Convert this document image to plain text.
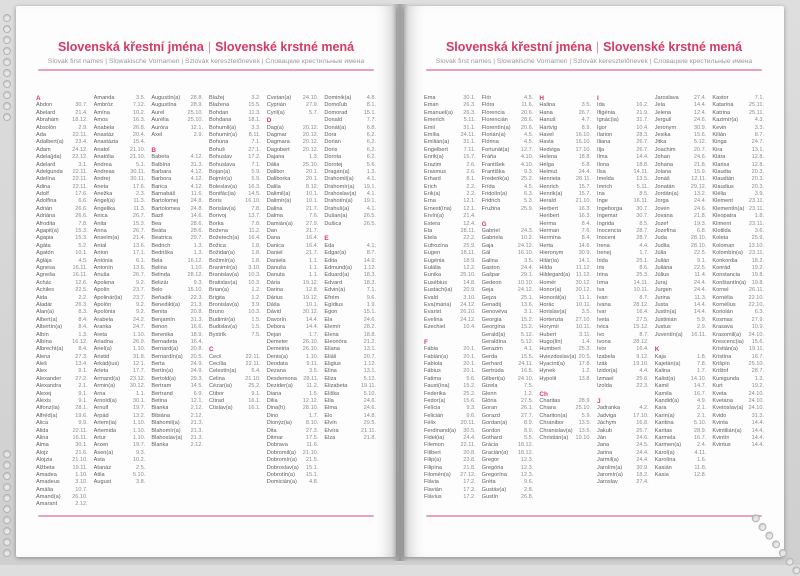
Slovenská křestní jména | Slovenské krstné mená
Slovak first names | Slowakische Vornamen | Szlovák keresztelőnevek | Словацкие крестильные имена
A
Abdon	30.7.
Abelard	21.4.
Abrahám	18.12.
Absolón	2.9.
Ada	22.11.
Adalbert(a)	23.4.
Adam	24.12.
Adela(jda)	22.12.
Adelard	3.1.
Adelgunda	22.11.
Adelína	22.11.
Adina	22.11.
Adolf	17.6.
Adolfína	6.6.
Adrián	26.6.
Adriána	26.6.
Afrodita	7.8.
Agapit(a)	15.3.
Agapia	15.3.
Agáta	5.2.
Agatón	10.1.
Aglája	4.5.
Agnesa	16.11.
Agneša	16.11.
Achác	12.6.
Achiles	22.5.
Aida	2.2.
Aladár	26.3.
Alan(a)	8.3.
Albert(a)	8.4.
Albertín(a)	8.4.
Albín	1.3.
Albína	16.12.
Albrecht(a)	8.4.
Alena	27.3.
Aleš	13.4.
Alex	9.1.
Alexander	27.2.
Alexandra	2.1.
Alexej	9.1.
Alexis	9.1.
Alfonz(ia)	28.1.
Alfréd(a)	19.6.
Alica	9.9.
Alida	22.11.
Alina	16.11.
Alma	30.1.
Alojz	21.6.
Alojzia	21.10.
Alžbeta	19.11.
Amadea	1.10.
Amadeus	3.10.
Amália	10.7.
Amand(a)	26.10.
Amarant	2.12.
Amanda	3.5.
Ambróz	7.12.
Amína	10.2.
Amos	16.3.
Anabela	26.8.
Anastáz	20.4.
Anastázia	15.4.
Anatol	21.10.
Anatólia	21.10.
Andrea	5.1.
Andreas	30.11.
Andrej	30.11.
Aneta	17.6.
Anežka	2.3.
Angel(a)	11.3.
Angelika	11.3.
Anica	26.7.
Anita	15.3.
Anna	26.7.
Anselm(a)	21.4.
Antal	13.6.
Anton	17.1.
Antónia	6.1.
Antonín	13.6.
Anuša	26.7.
Apolena	9.2.
Apolín	23.7.
Apolinár(ia)	23.7.
Apolón	9.2.
Apolónia	9.2.
Arabela	24.2.
Aranka	24.7.
Areta	1.10.
Ariadna	26.9.
Ariel(a)	1.10.
Aristid	31.8.
Arkád(ius)	12.1.
Arleta	17.7.
Armand(a)	23.12.
Armin(a)	30.12.
Arna	1.1.
Arnold(a)	30.1.
Arnulf	19.7.
Arpád	13.2.
Artem(ia)	1.10.
Artemida	1.10.
Artur	1.10.
Arzen	19.7.
Asen(a)	9.3.
Asta	10.2.
Atanáz	2.5.
Atila	5.10.
August	3.8.
Augustín(a)	28.8.
Augustína	28.9.
Aurel	25.10.
Aurélia	25.10.
Auróra	12.1.
Axel	2.9.
B
Babeta	4.12.
Balbína	31.3.
Barbara	4.12.
Barbora	4.12.
Barica	4.12.
Barnabáš	11.6.
Bartolomej	24.8.
Bartolomea	24.8.
Bazil	14.6.
Bea	28.6.
Beáta	28.6.
Beatrica	29.7.
Bedrich	1.3.
Bedriška	1.3.
Bela	16.12.
Belina	1.10.
Belinda	28.12.
Belizár	9.3.
Belo	15.10.
Beňadik	22.3.
Benedikt(a)	21.3.
Benita	20.8.
Benjamín	31.3.
Benon	16.6.
Berenika	18.9.
Bernadeta	16.4.
Bernard(a)	20.8.
Bernardín(a)	20.5.
Berta	24.9.
Bertín(a)	24.9.
Bertold(a)	29.3.
Bertram	14.5.
Bertrand	6.9.
Betina	12.1.
Bianka	2.12.
Bibiána	2.12.
Blahomil(a)	21.3.
Blahomír(a)	21.3.
Blahoslav(a)	21.3.
Blanka	2.12.
Blažej	3.2.
Blažena	15.5.
Bohdan	11.3.
Bohdana	18.1.
Bohumil(a)	3.3.
Bohumír(a)	8.11.
Bohuna	7.1.
Bohuš	27.1.
Bohuslav	17.2.
Bohuslava	7.1.
Bojan(a)	5.9.
Bojmír(a)	5.9.
Boleslav(a)	16.3.
Bonifác(ia)	14.5.
Boris	16.10.
Borislav(a)	7.8.
Borivoj	13.7.
Borka	7.8.
Božena	11.2.
Božetech(a)	16.4.
Božica	1.8.
Božidar(a)	1.8.
Božimír(a)	1.8.
Branimír(a)	3.10.
Branislav(a)	10.3.
Bratislav(a)	10.3.
Brian(a)	1.2.
Brigita	1.2.
Bronislav(a)	3.9.
Bruno	10.3.
Budimír(a)	1.5.
Budislav(a)	1.5.
Bystrík	7.5.
C
Cecil	22.11.
Cecília	22.11.
Celestín(a)	6.4.
Celina	21.10.
Cézar(ia)	25.2.
Ctibor	9.1.
Ctirad	16.1.
Ctislav(a)	16.1.
Cvetan(a)	24.10.
Cyprián	27.9.
Cyril(a)	5.7.
D
Dag(a)	20.12.
Dagmar	20.12.
Dagmara	20.12.
Dagobert	20.12.
Dajana	1.3.
Dália	25.10.
Dalibor	20.1.
Daliborka	20.1.
Dalila	8.12.
Dalimil(a)	10.1.
Dalimír(a)	10.1.
Dalina	21.7.
Dalma	7.6.
Damián(a)	27.9.
Dan	21.7.
Dana	16.4.
Danica	16.4.
Daniel	21.7.
Daniela	1.1.
Danuša	1.1.
Danuta	1.1.
Dária	19.12.
Darina	12.8.
Dárius	19.12.
Dáša	10.1.
Dávid	30.12.
Davorín	14.4.
Debora	14.4.
Dejan	1.7.
Demeter	26.10.
Demetria	26.10.
Denis(a)	1.10.
Deodata	9.11.
Dezana	3.5.
Desdemona	28.11.
Dezider(a)	11.2.
Diana	1.5.
Dilia	12.12.
Dina(h)	28.10.
Dino	1.7.
Dionýz(ia)	8.10.
Dita	27.3.
Ditmar	17.5.
Dobrava	11.6.
Dobromil(a)	21.10.
Dobromír(a)	21.5.
Dobroslav(a)	15.1.
Dobrotín(a)	15.1.
Domicián(a)	4.8.
Dominik(a)	4.8.
Domoľub	8.1.
Domorad	15.1.
Donald	7.7.
Donát(a)	6.8.
Dora	6.2.
Dorian	6.2.
Doris	6.2.
Dorota	6.2.
Dorotej	5.6.
Dragan(a)	1.3.
Drahomil(a)	4.1.
Drahomír(a)	19.1.
Drahoslav(a)	4.1.
Drahotín(a)	19.1.
Drahuš(a)	4.1.
Dušan(a)	26.5.
Dušica	26.5.
E
Eda	4.1.
Edgar(a)	8.7.
Edita	14.9.
Edmund(a)	1.12.
Eduard(a)	18.3.
Edvard	18.3.
Edvin(a)	7.1.
Efrém	9.6.
Egídius	1.9.
Egon	15.1.
Ela	24.6.
Elemír	28.2.
Elena	18.8.
Eleonóra	21.2.
Eliana	13.1.
Eliáš	20.7.
Eligius	1.12.
Elina	13.1.
Eliza	5.12.
Elizabeta	19.11.
Eliška	5.10.
Ella	24.6.
Elma	24.6.
Elo	14.8.
Elvín	29.5.
Elvíra	21.11.
Elza	21.8.
Slovenská křestní jména | Slovenské krstné mená
Slovak first names | Slowakische Vornamen | Szlovák keresztelőnevek | Словацкие крестильные имена
Ema	30.1.
Eman	26.3.
Emanuel(a)	26.3.
Emerich	5.11.
Emil	31.1.
Emília	24.11.
Emilián(a)	31.1.
Engelbert	7.11.
Enrik(a)	15.7.
Erazim	2.6.
Erasmus	2.6.
Erhard	8.1.
Erich	2.2.
Erik(a)	2.2.
Erna	12.1.
Ernest(ína)	12.1.
Ervín(a)	21.4.
Estera	12.4.
Eta	28.11.
Etela	22.2.
Eufrozína	25.9.
Eugen	18.11.
Eugénia	18.9.
Eulália	12.2.
Eunika	25.10.
Eusébius	14.8.
Eustach(ia)	20.9.
Evald	3.10.
Eva(mária)	24.12.
Evarist	26.10.
Evelína	24.12.
Ezechiel	10.4.
F
Fábia	20.1.
Fabián(a)	20.1.
Fabiola	20.1.
Fábius	20.1.
Fatima	5.6.
Faust(ína)	15.2.
Federika	25.2.
Fedor(a)	15.6.
Felícia	9.3.
Felicián	9.6.
Félix	20.11.
Ferdinand(a)	30.5.
Fidel(ia)	24.4.
Filemon	22.11.
Filibert	20.8.
Filip(a)	23.8.
Filipína	21.8.
Filomén(a)	27.12.
Flávia	17.2.
Flavián	17.2.
Flávius	17.2.
Flór	4.5.
Flóra	11.6.
Florencia	20.6.
Florencián	28.6.
Florentín(a)	20.6.
Florián(a)	4.5.
Flórina	4.5.
Fortunát(a)	12.7.
Fráňa	4.10.
František	4.10.
Františka	9.3.
Frederik(a)	25.2.
Frída	4.5.
Fridolín(a)	6.3.
Fridrich	5.3.
Fružina	25.9.
G
Gabriel	24.3.
Gabriela	10.2.
Gaja	24.12.
Gál	16.10.
Galina	3.5.
Gaston	24.4.
Gašpar	29.1.
Gedeon	10.10.
Geja	24.12.
Gejza	25.1.
Genadij	13.6.
Genovéva	3.1.
Georgia	15.2.
Georgína	15.2.
Gerald(a)	5.12.
Geraldína	5.12.
Gerazim	4.1.
Gerda	15.5.
Gerhard	24.11.
Gertrúda	16.5.
Gilbert(a)	24.10.
Gizela	7.5.
Glenn	1.2.
Glória	27.5.
Goran	26.1.
Gorazd	27.7.
Gordan(a)	8.9.
Gordon	8.9.
Gothard	5.5.
Grácia	18.12.
Gracián(a)	18.12.
Gregor	12.3.
Gregória	12.3.
Gregorína	12.3.
Gréta	9.6.
Gustáv(a)	2.8.
Gustín	26.8.
H
Halina	3.5.
Hana	26.7.
Hanuš	4.7.
Hartvig	8.9.
Havel	16.10.
Havla	16.10.
Hedviga	17.10.
Helena	18.8.
Helga	5.8.
Helmut	24.4.
Henrieta	28.11.
Henrich	15.7.
Henrik(a)	15.7.
Herald	21.10.
Herbert	16.3.
Heribert	16.3.
Herma	8.4.
Herman	7.6.
Hermína	8.4.
Herta	14.6.
Hieronym	30.9.
Hilár(ia)	14.1.
Hilda	11.12.
Hildegard(a)	11.12.
Homér	30.12.
Honor(a)	30.12.
Honorát(a)	11.1.
Horác	10.11.
Horislav(a)	3.5.
Hortenzia	27.10.
Horymír	10.11.
Hubert	3.11.
Hugo(lín)	1.4.
Humbert	25.3.
Hviezdoslav(a) 20.5.
Hyacint(a)	17.8.
Hynek	1.2.
Hypolit	13.8.
Ch
Charitas	28.9.
Chiara	25.10.
Chariton(a)	5.9.
Chranibor	13.5.
Chranislav(a)	13.5.
Christián(a)	19.10.
I
Ida	16.2.
Ifigénia	21.9.
Ignác(ia)	31.7.
Igor	10.4.
Ilarion	28.3.
Iliana	26.7.
Ilja	26.7.
Ilma	14.4.
Ilona	18.8.
Ilsa	14.11.
Imelda	13.5.
Imrich	5.11.
Ina	8.5.
Inge	16.11.
Ingeborga	30.7.
Ingemar	30.7.
Ingrida	8.5.
Inocencia	28.7.
Inocent	28.7.
Irena	4.4.
Irenej	1.7.
Irida	25.1.
Iris	8.6.
Irina	25.3.
Irma	14.11.
Iva	10.11.
Ivan	8.7.
Ivana	28.12.
Ivar	16.4.
Iveta	27.5.
Ivica	15.12.
Ivo	8.7.
Ivona	28.12.
Ivor	16.4.
Izabela	9.12.
Izák	19.10.
Izidor(a)	4.4.
Izmael	25.6.
Izolda	22.3.
J
Jadranka	4.2.
Jadviga	17.10.
Jáchym	16.8.
Jakub	25.7.
Ján	24.6.
Jana	24.5.
Jarina	24.4.
Jarmil(a)	24.4.
Jarolím(a)	30.9.
Jaromír(a)	18.2.
Jaroslav	27.4.
Jaroslava	27.4.
Jela	14.4.
Jelena	12.4.
Jerguš	24.6.
Jeronym	30.9.
Jesika	15.6.
Jitka	5.12.
Joachim	20.7.
Johan	24.6.
Johana	21.8.
Jolana	15.9.
Jonáš	12.11.
Jonatán	29.12.
Jordán(a)	13.2.
Jorga	24.4.
Joven	24.6.
Jovana	21.8.
Jozef	19.3.
Jozefína	6.8.
Juda	28.10.
Judita	28.10.
Júlia	22.5.
Julián	9.1.
Juliána	22.5.
Július	11.4.
Juraj	24.4.
Jurgen	24.4.
Jurina	11.3.
Justa	14.4.
Justín(a)	14.4.
Justinián	5.9.
Justus	2.9.
Juventín(a)	16.11.
K
Kaja	1.8.
Kajetán(a)	7.8.
Kalina	1.7.
Kalist(a)	14.10.
Kamil	14.7.
Kamila	16.7.
Kandid(a)	4.9.
Kara	2.1.
Karin(a)	2.1.
Karitina	5.10.
Karitas	28.9.
Karmela	16.7.
Karmen(a)	2.4.
Karol(a)	4.11.
Karolína	1.6.
Kasián	11.8.
Kasia	12.8.
Kastor	7.1.
Katarína	25.11.
Katrina	25.11.
Kazimír(a)	4.3.
Kevin	3.3.
Kilián	8.7.
Kinga	24.7.
Kira	13.1.
Klára	12.8.
Klarisa	12.8.
Klaudia	20.3.
Klaudián	20.3.
Klaudius	20.3.
Klélia	3.9.
Klement	23.11.
Klementín(a) 23.11.
Kleopatra	1.8.
Kliment	23.11.
Klotilda	3.6.
Koleta	25.9.
Koloman	13.10.
Kolombín(a)	23.11.
Konkordia	18.2.
Konrád	19.2.
Konstancia	19.8.
Konštantín(a)	19.8.
Kornel	26.11.
Kornélia	22.10.
Kornélius	22.10.
Koriolán	6.3.
Kosmas	27.9.
Krasava	10.9.
Krasomil(a)	24.10.
Krescenc(ia)	15.6.
Kristián(a)	19.11.
Kristína	16.7.
Krišpín	25.10.
Krištof	28.7.
Kunigunda	1.3.
Kurt	19.2.
Kveta	24.10.
Kvetana	24.10.
Kvetoslav(a) 24.10.
Kvido	31.3.
Kvinta	14.4.
Kvintilián(a)	14.4.
Kvintín	14.4.
Kvintus	14.4.
